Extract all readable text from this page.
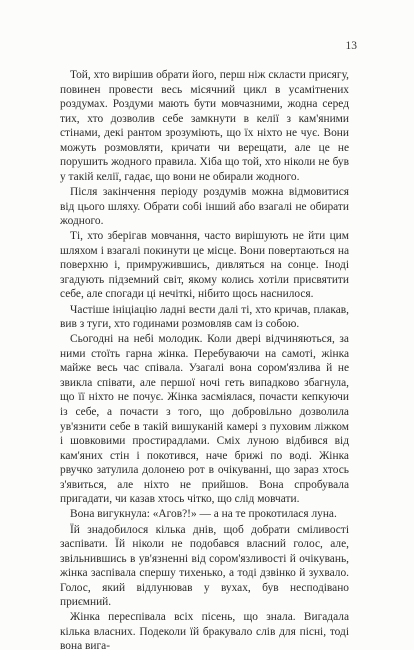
13

Той, хто вирішив обрати його, перш ніж скласти присягу, повинен провести весь місячний цикл в усамітнених роздумах. Роздуми мають бути мовчазними, жодна серед тих, хто дозволив себе замкнути в келії з кам'яними стінами, декі рантом зрозуміють, що їх ніхто не чує. Вони можуть розмовляти, кричати чи верещати, але це не порушить жодного правила. Хіба що той, хто ніколи не був у такій келії, гадає, що вони не обирали жодного.

Після закінчення періоду роздумів можна відмовитися від цього шляху. Обрати собі інший або взагалі не обирати жодного.

Ті, хто зберігав мовчання, часто вирішують не йти цим шляхом і взагалі покинути це місце. Вони повертаються на поверхню і, примружившись, дивляться на сонце. Іноді згадують підземний світ, якому колись хотіли присвятити себе, але спогади ці нечіткі, нібито щось наснилося.

Частіше ініціацію ладні вести далі ті, хто кричав, плакав, вив з туги, хто годинами розмовляв сам із собою.

Сьогодні на небі молодик. Коли двері відчиняються, за ними стоїть гарна жінка. Перебуваючи на самоті, жінка майже весь час співала. Узагалі вона сором'язлива й не звикла співати, але першої ночі геть випадково збагнула, що її ніхто не почує. Жінка засміялася, почасти кепкуючи із себе, а почасти з того, що добровільно дозволила ув'язнити себе в такій вишуканій камері з пуховим ліжком і шовковими простирадлами. Сміх луною відбився від кам'яних стін і покотився, наче брижі по воді. Жінка рвучко затулила долонею рот в очікуванні, що зараз хтось з'явиться, але ніхто не прийшов. Вона спробувала пригадати, чи казав хтось чітко, що слід мовчати.

Вона вигукнула: «Агов?!» — а на те прокотилася луна.

Їй знадобилося кілька днів, щоб добрати сміливості заспівати. Їй ніколи не подобався власний голос, але, звільнившись в ув'язненні від сором'язливості й очікувань, жінка заспівала спершу тихенько, а тоді дзвінко й зухвало. Голос, який відлунював у вухах, був несподівано приємний.

Жінка переспівала всіх пісень, що знала. Вигадала кілька власних. Подеколи їй бракувало слів для пісні, тоді вона вига-
